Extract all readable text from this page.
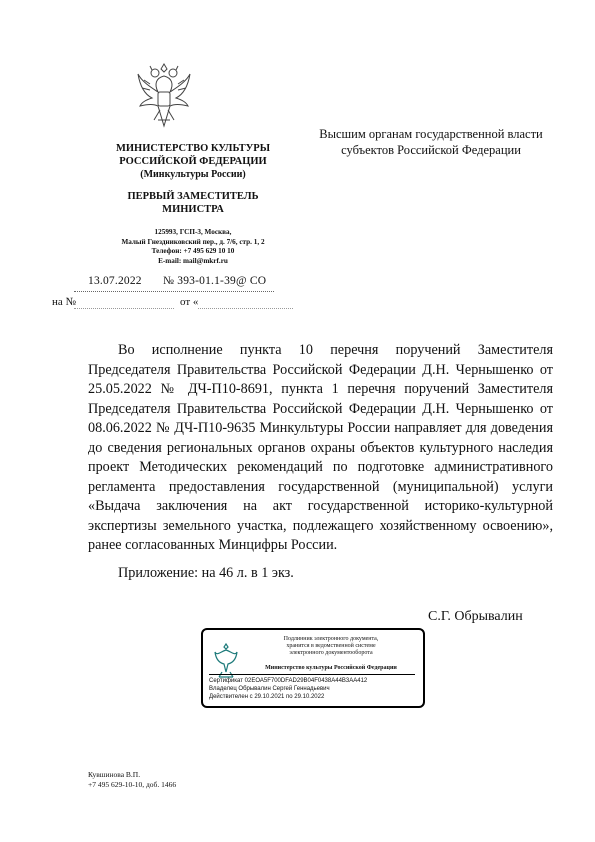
МИНИСТЕРСТВО КУЛЬТУРЫ
РОССИЙСКОЙ ФЕДЕРАЦИИ
(Минкультуры России)
ПЕРВЫЙ ЗАМЕСТИТЕЛЬ
МИНИСТРА
125993, ГСП-3, Москва,
Малый Гнездниковский пер., д. 7/6, стр. 1, 2
Телефон: +7 495 629 10 10
E-mail: mail@mkrf.ru
Высшим органам государственной власти
субъектов Российской Федерации
13.07.2022 № 393-01.1-39@ СО
на №	от «

Во исполнение пункта 10 перечня поручений Заместителя Председателя Правительства Российской Федерации Д.Н. Чернышенко от 25.05.2022 № ДЧ-П10-8691, пункта 1 перечня поручений Заместителя Председателя Правительства Российской Федерации Д.Н. Чернышенко от 08.06.2022 № ДЧ-П10-9635 Минкультуры России направляет для доведения до сведения региональных органов охраны объектов культурного наследия проект Методических рекомендаций по подготовке административного регламента предоставления государственной (муниципальной) услуги «Выдача заключения на акт государственной историко-культурной экспертизы земельного участка, подлежащего хозяйственному освоению», ранее согласованных Минцифры России.

Приложение: на 46 л. в 1 экз.
С.Г. Обрывалин
Подлинник электронного документа,
хранится в ведомственной системе
электронного документооборота
Министерство культуры Российской Федерации
Сертификат 02ЕОА5F700DFAD29B04F0438A44B3AA412
Владелец Обрывалин Сергей Геннадьевич
Действителен с 29.10.2021 по 29.10.2022
Кувшинова В.П.
+7 495 629-10-10, доб. 1466
